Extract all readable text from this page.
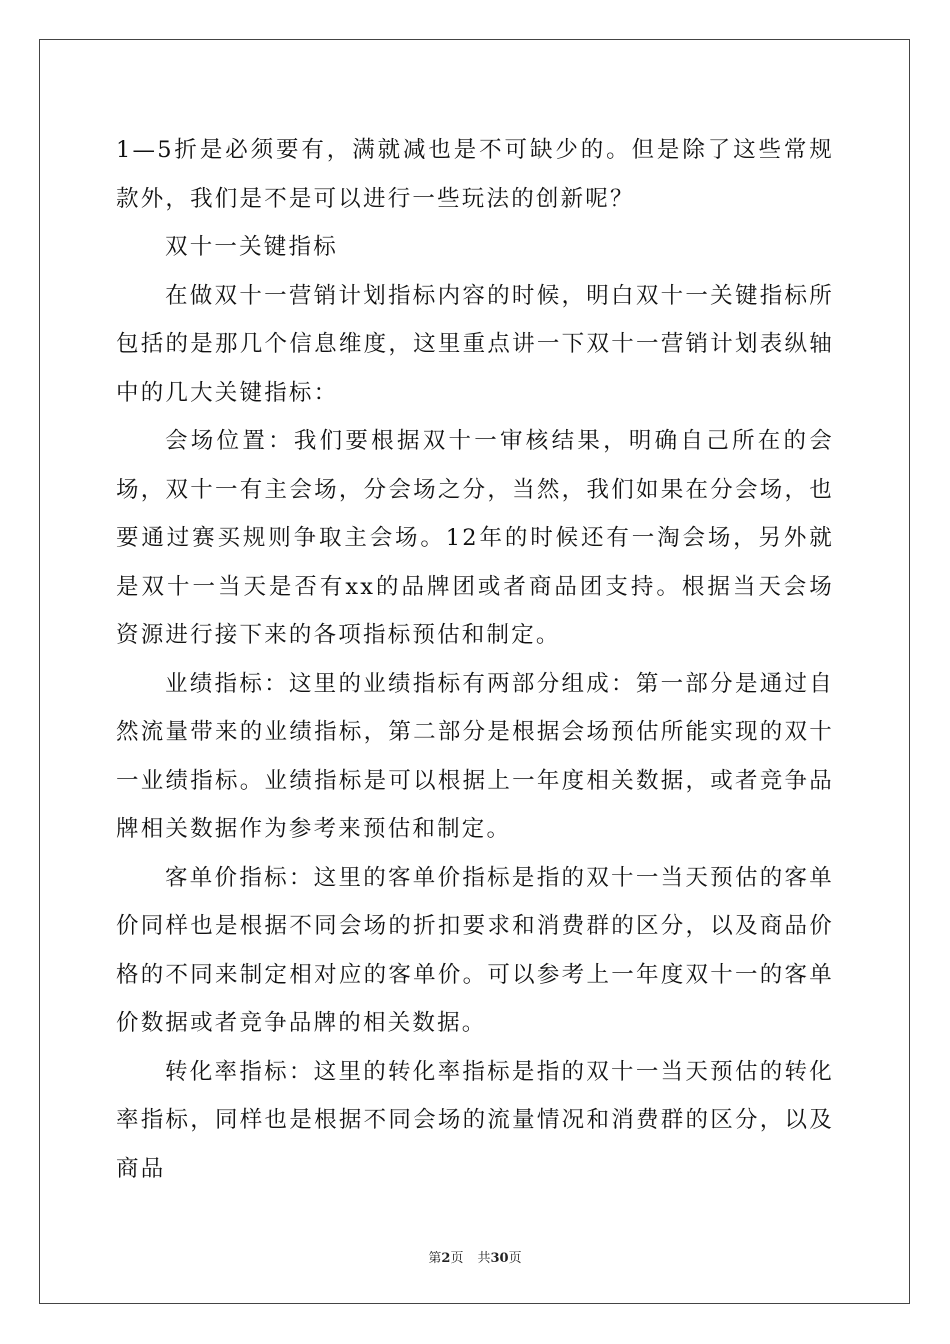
1—5折是必须要有，满就减也是不可缺少的。但是除了这些常规款外，我们是不是可以进行一些玩法的创新呢？

双十一关键指标

在做双十一营销计划指标内容的时候，明白双十一关键指标所包括的是那几个信息维度，这里重点讲一下双十一营销计划表纵轴中的几大关键指标：

会场位置：我们要根据双十一审核结果，明确自己所在的会场，双十一有主会场，分会场之分，当然，我们如果在分会场，也要通过赛买规则争取主会场。12年的时候还有一淘会场，另外就是双十一当天是否有xx的品牌团或者商品团支持。根据当天会场资源进行接下来的各项指标预估和制定。

业绩指标：这里的业绩指标有两部分组成：第一部分是通过自然流量带来的业绩指标，第二部分是根据会场预估所能实现的双十一业绩指标。业绩指标是可以根据上一年度相关数据，或者竞争品牌相关数据作为参考来预估和制定。

客单价指标：这里的客单价指标是指的双十一当天预估的客单价同样也是根据不同会场的折扣要求和消费群的区分，以及商品价格的不同来制定相对应的客单价。可以参考上一年度双十一的客单价数据或者竞争品牌的相关数据。

转化率指标：这里的转化率指标是指的双十一当天预估的转化率指标，同样也是根据不同会场的流量情况和消费群的区分，以及商品

第2页 共30页
